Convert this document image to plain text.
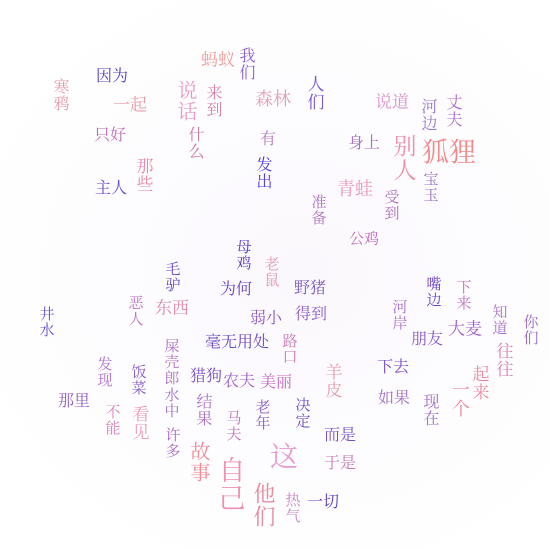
狐狸
别人
自己 这
他们
故事
说话
青蛙
蚂蚁
森林
我们
来到	人们	说道 河边 丈夫
身上
有
发出
什么
因为
寒鸦	一起
只好
主人 那些	宝玉
受到
准备
公鸡
母鸡
老鼠
毛驴 为何	野猪
恶人 东西	弱小 得到
井水
屎壳郎 毫无用处 路口
河岸
嘴边 下来
知道 你们
朋友 大麦
往往
起来
一个
发现 饭菜	猎狗 农夫 美丽 羊皮 下去
如果 现在
那里
不能 看见
水中 结果
许多
马夫 老年 决定
而是
于是
热气 一切
